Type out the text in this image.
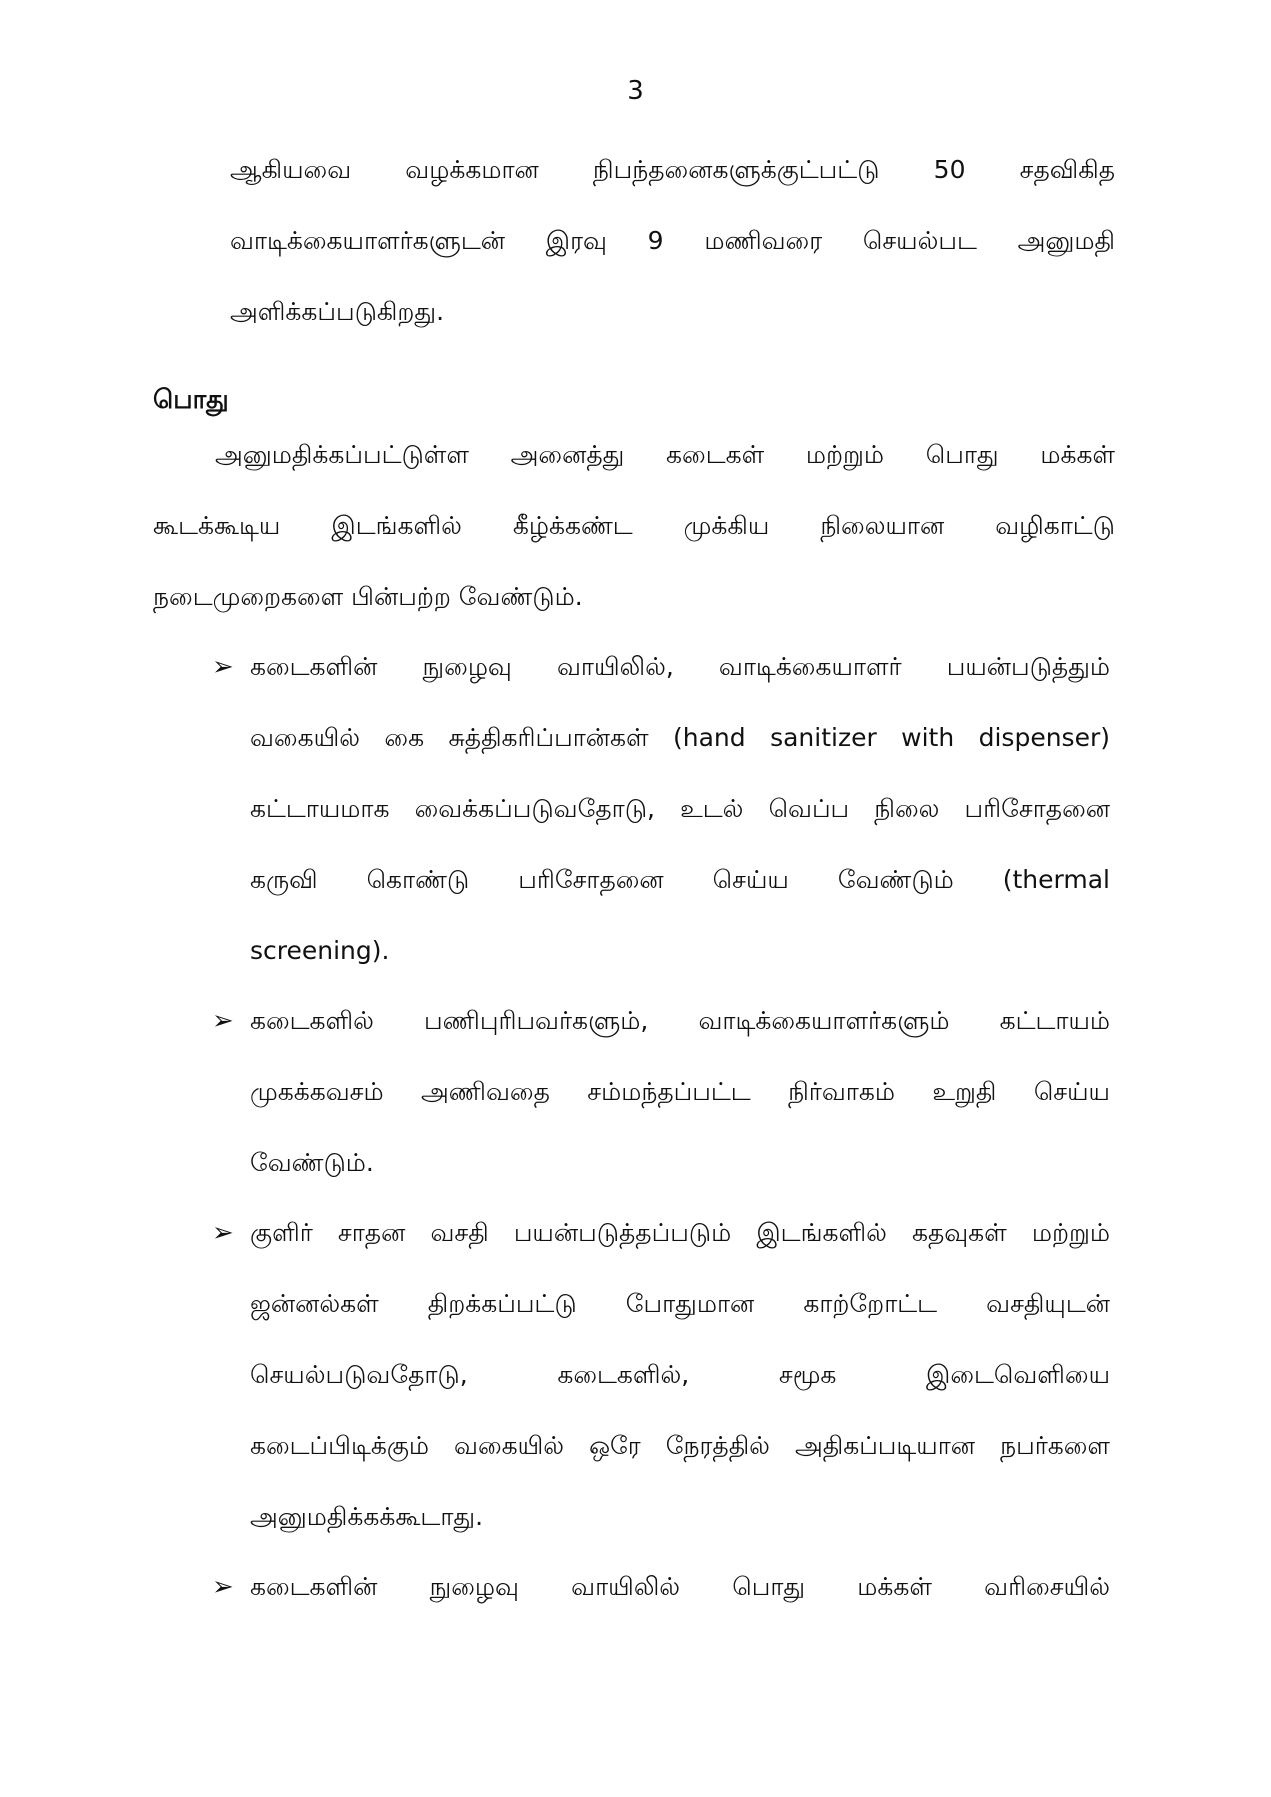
3
ஆகியவை வழக்கமான நிபந்தனைகளுக்குட்பட்டு 50 சதவிகித
வாடிக்கையாளர்களுடன் இரவு 9 மணிவரை செயல்பட அனுமதி
அளிக்கப்படுகிறது.
பொது
அனுமதிக்கப்பட்டுள்ள அனைத்து கடைகள் மற்றும் பொது மக்கள்
கூடக்கூடிய இடங்களில் கீழ்க்கண்ட முக்கிய நிலையான வழிகாட்டு
நடைமுறைகளை பின்பற்ற வேண்டும்.
➢ கடைகளின் நுழைவு வாயிலில், வாடிக்கையாளர் பயன்படுத்தும்
வகையில் கை சுத்திகரிப்பான்கள் (hand sanitizer with dispenser)
கட்டாயமாக வைக்கப்படுவதோடு, உடல் வெப்ப நிலை பரிசோதனை
கருவி கொண்டு பரிசோதனை செய்ய வேண்டும் (thermal
screening).
➢ கடைகளில் பணிபுரிபவர்களும், வாடிக்கையாளர்களும் கட்டாயம்
முகக்கவசம் அணிவதை சம்மந்தப்பட்ட நிர்வாகம் உறுதி செய்ய
வேண்டும்.
➢ குளிர் சாதன வசதி பயன்படுத்தப்படும் இடங்களில் கதவுகள் மற்றும்
ஜன்னல்கள் திறக்கப்பட்டு போதுமான காற்றோட்ட வசதியுடன்
செயல்படுவதோடு, கடைகளில், சமூக இடைவெளியை
கடைப்பிடிக்கும் வகையில் ஒரே நேரத்தில் அதிகப்படியான நபர்களை
அனுமதிக்கக்கூடாது.
➢ கடைகளின் நுழைவு வாயிலில் பொது மக்கள் வரிசையில்
